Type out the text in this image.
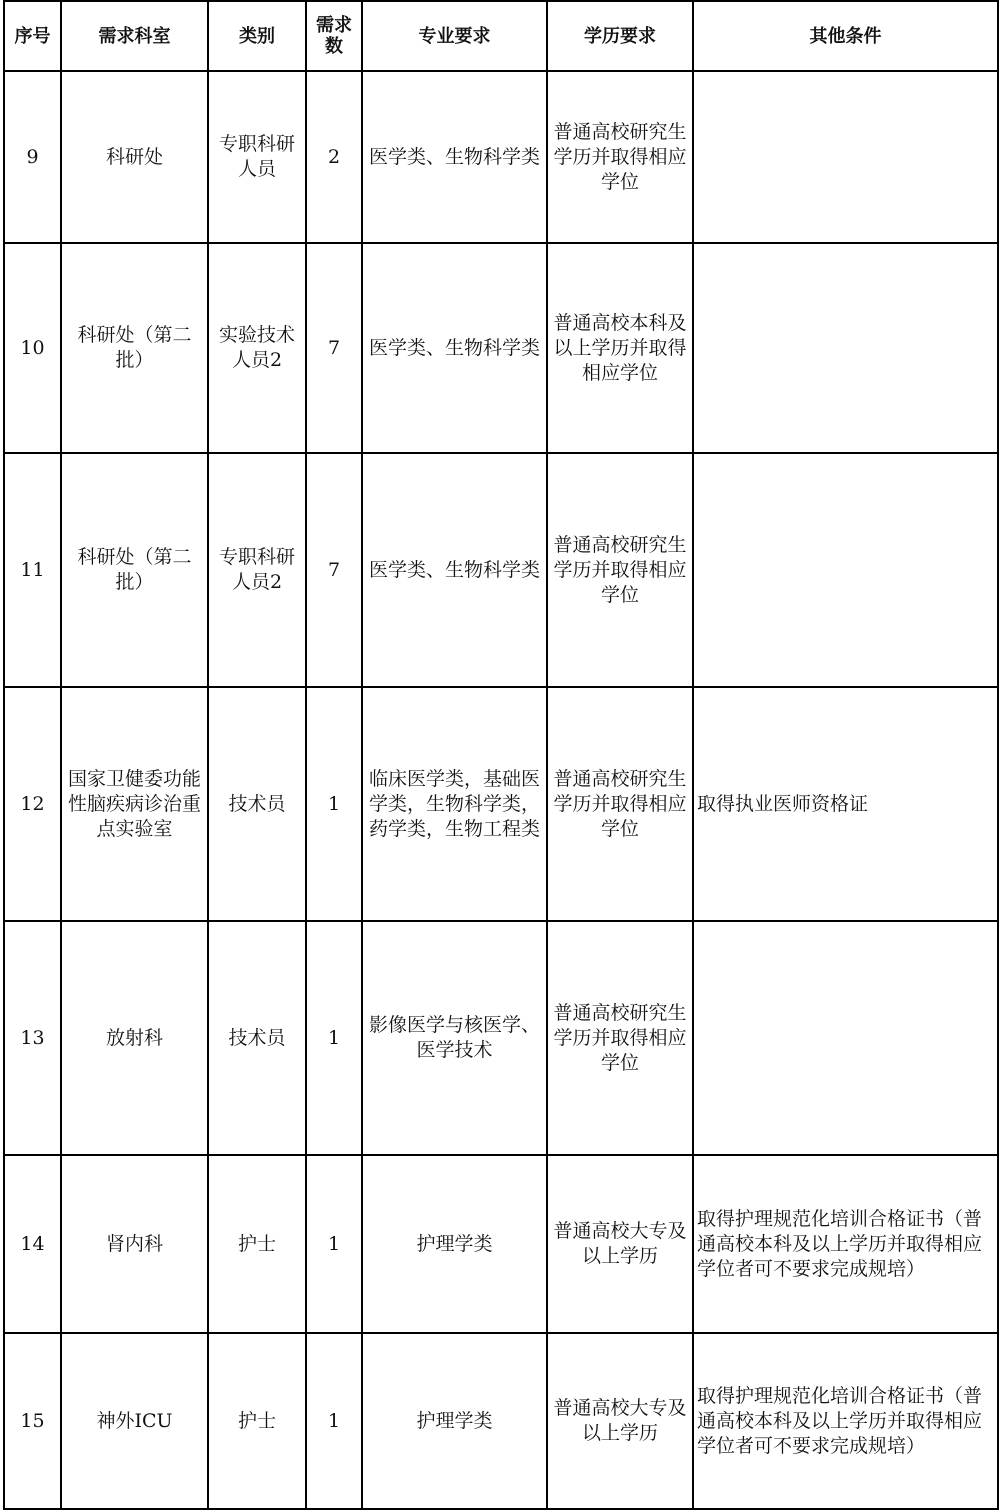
序号	需求科室	类别	需求数	专业要求	学历要求	其他条件
9	科研处	专职科研人员	2	医学类、生物科学类	普通高校研究生学历并取得相应学位	
10	科研处（第二批）	实验技术人员2	7	医学类、生物科学类	普通高校本科及以上学历并取得相应学位	
11	科研处（第二批）	专职科研人员2	7	医学类、生物科学类	普通高校研究生学历并取得相应学位	
12	国家卫健委功能性脑疾病诊治重点实验室	技术员	1	临床医学类，基础医学类，生物科学类，药学类，生物工程类	普通高校研究生学历并取得相应学位	取得执业医师资格证
13	放射科	技术员	1	影像医学与核医学、医学技术	普通高校研究生学历并取得相应学位	
14	肾内科	护士	1	护理学类	普通高校大专及以上学历	取得护理规范化培训合格证书（普通高校本科及以上学历并取得相应学位者可不要求完成规培）
15	神外ICU	护士	1	护理学类	普通高校大专及以上学历	取得护理规范化培训合格证书（普通高校本科及以上学历并取得相应学位者可不要求完成规培）
